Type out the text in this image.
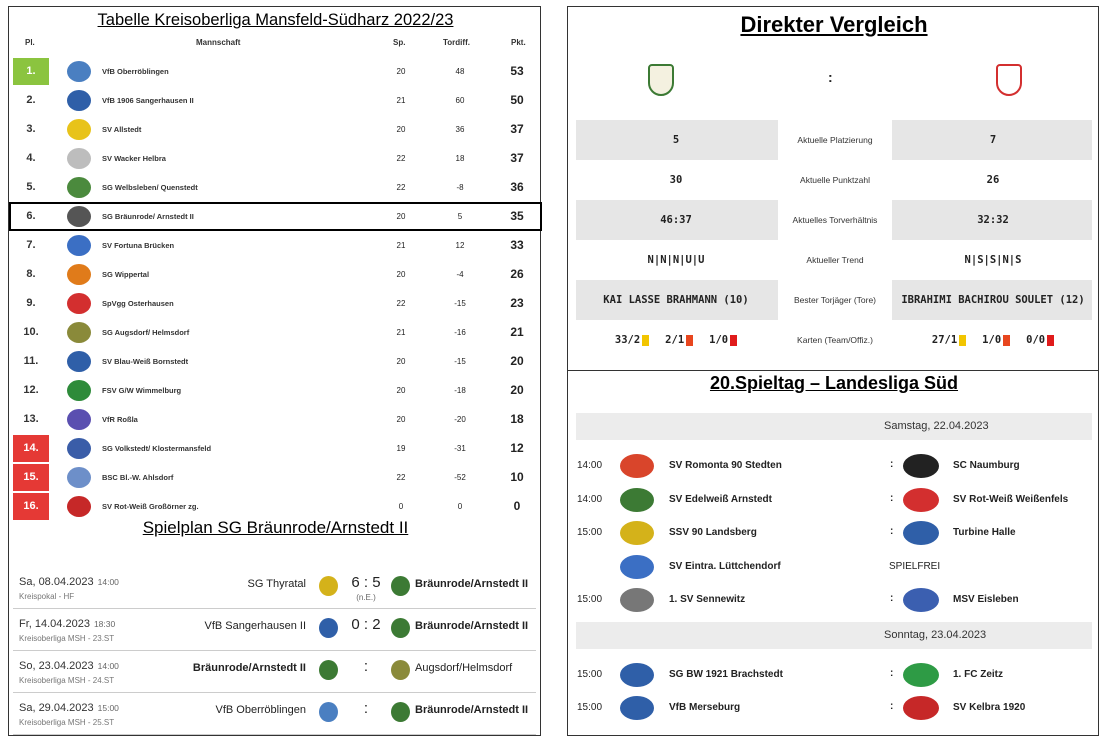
Tabelle Kreisoberliga Mansfeld-Südharz 2022/23
Pl.	Mannschaft	Sp.	Tordiff.	Pkt.
1.	VfB Oberröblingen	20	48	53
2.	VfB 1906 Sangerhausen II	21	60	50
3.	SV Allstedt	20	36	37
4.	SV Wacker Helbra	22	18	37
5.	SG Welbsleben/ Quenstedt	22	-8	36
6.	SG Bräunrode/ Arnstedt II	20	5	35
7.	SV Fortuna Brücken	21	12	33
8.	SG Wippertal	20	-4	26
9.	SpVgg Osterhausen	22	-15	23
10.	SG Augsdorf/ Helmsdorf	21	-16	21
11.	SV Blau-Weiß Bornstedt	20	-15	20
12.	FSV G/W Wimmelburg	20	-18	20
13.	VfR Roßla	20	-20	18
14.	SG Volkstedt/ Klostermansfeld	19	-31	12
15.	BSC Bl.-W. Ahlsdorf	22	-52	10
16.	SV Rot-Weiß Großörner zg.	0	0	0
Spielplan SG Bräunrode/Arnstedt II
Sa, 08.04.2023 14:00
Kreispokal - HF
SG Thyratal	6 : 5
(n.E.)
Bräunrode/Arnstedt II
Fr, 14.04.2023 18:30
Kreisoberliga MSH - 23.ST
VfB Sangerhausen II	0 : 2	Bräunrode/Arnstedt II
So, 23.04.2023 14:00
Kreisoberliga MSH - 24.ST
Bräunrode/Arnstedt II	:	Augsdorf/Helmsdorf
Sa, 29.04.2023 15:00
Kreisoberliga MSH - 25.ST
VfB Oberröblingen	:	Bräunrode/Arnstedt II
Direkter Vergleich
:
5	Aktuelle Platzierung	7
30	Aktuelle Punktzahl	26
46:37	Aktuelles Torverhältnis	32:32
N|N|N|U|U	Aktueller Trend	N|S|S|N|S
KAI LASSE BRAHMANN (10)	Bester Torjäger (Tore)	IBRAHIMI BACHIROU SOULET (12)
33/2 2/1 1/0	Karten (Team/Offiz.)	27/1 1/0 0/0
20.Spieltag – Landesliga Süd
Samstag, 22.04.2023
14:00	SV Romonta 90 Stedten	:	SC Naumburg
14:00	SV Edelweiß Arnstedt	:	SV Rot-Weiß Weißenfels
15:00	SSV 90 Landsberg	:	Turbine Halle
SV Eintra. Lüttchendorf	SPIELFREI
15:00	1. SV Sennewitz	:	MSV Eisleben
Sonntag, 23.04.2023
15:00	SG BW 1921 Brachstedt	:	1. FC Zeitz
15:00	VfB Merseburg	:	SV Kelbra 1920
